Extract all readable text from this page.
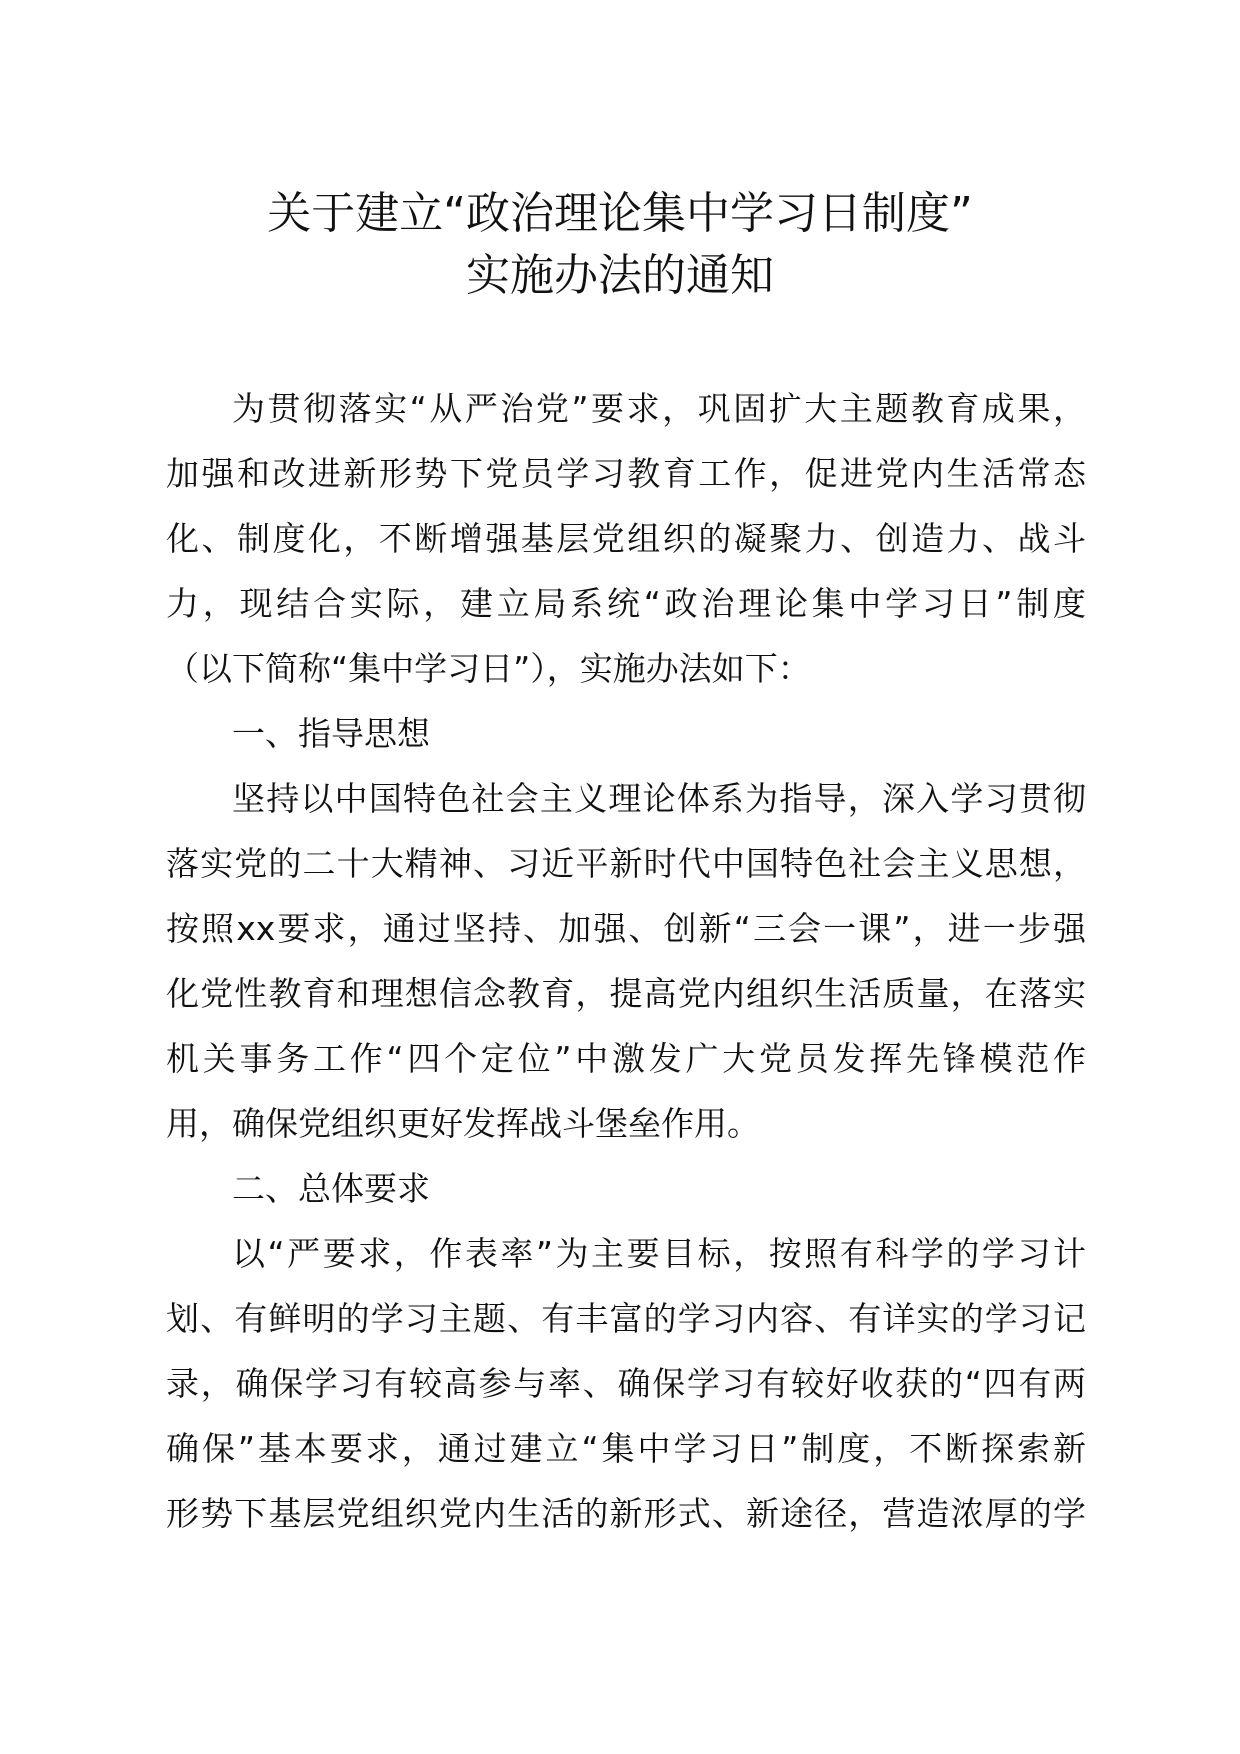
关于建立“政治理论集中学习日制度”
实施办法的通知
为贯彻落实“从严治党”要求，巩固扩大主题教育成果，
加强和改进新形势下党员学习教育工作，促进党内生活常态
化、制度化，不断增强基层党组织的凝聚力、创造力、战斗
力，现结合实际，建立局系统“政治理论集中学习日”制度
（以下简称“集中学习日”），实施办法如下：
一、指导思想
坚持以中国特色社会主义理论体系为指导，深入学习贯彻
落实党的二十大精神、习近平新时代中国特色社会主义思想，
按照xx要求，通过坚持、加强、创新“三会一课”，进一步强
化党性教育和理想信念教育，提高党内组织生活质量，在落实
机关事务工作“四个定位”中激发广大党员发挥先锋模范作
用，确保党组织更好发挥战斗堡垒作用。
二、总体要求
以“严要求，作表率”为主要目标，按照有科学的学习计
划、有鲜明的学习主题、有丰富的学习内容、有详实的学习记
录，确保学习有较高参与率、确保学习有较好收获的“四有两
确保”基本要求，通过建立“集中学习日”制度，不断探索新
形势下基层党组织党内生活的新形式、新途径，营造浓厚的学
